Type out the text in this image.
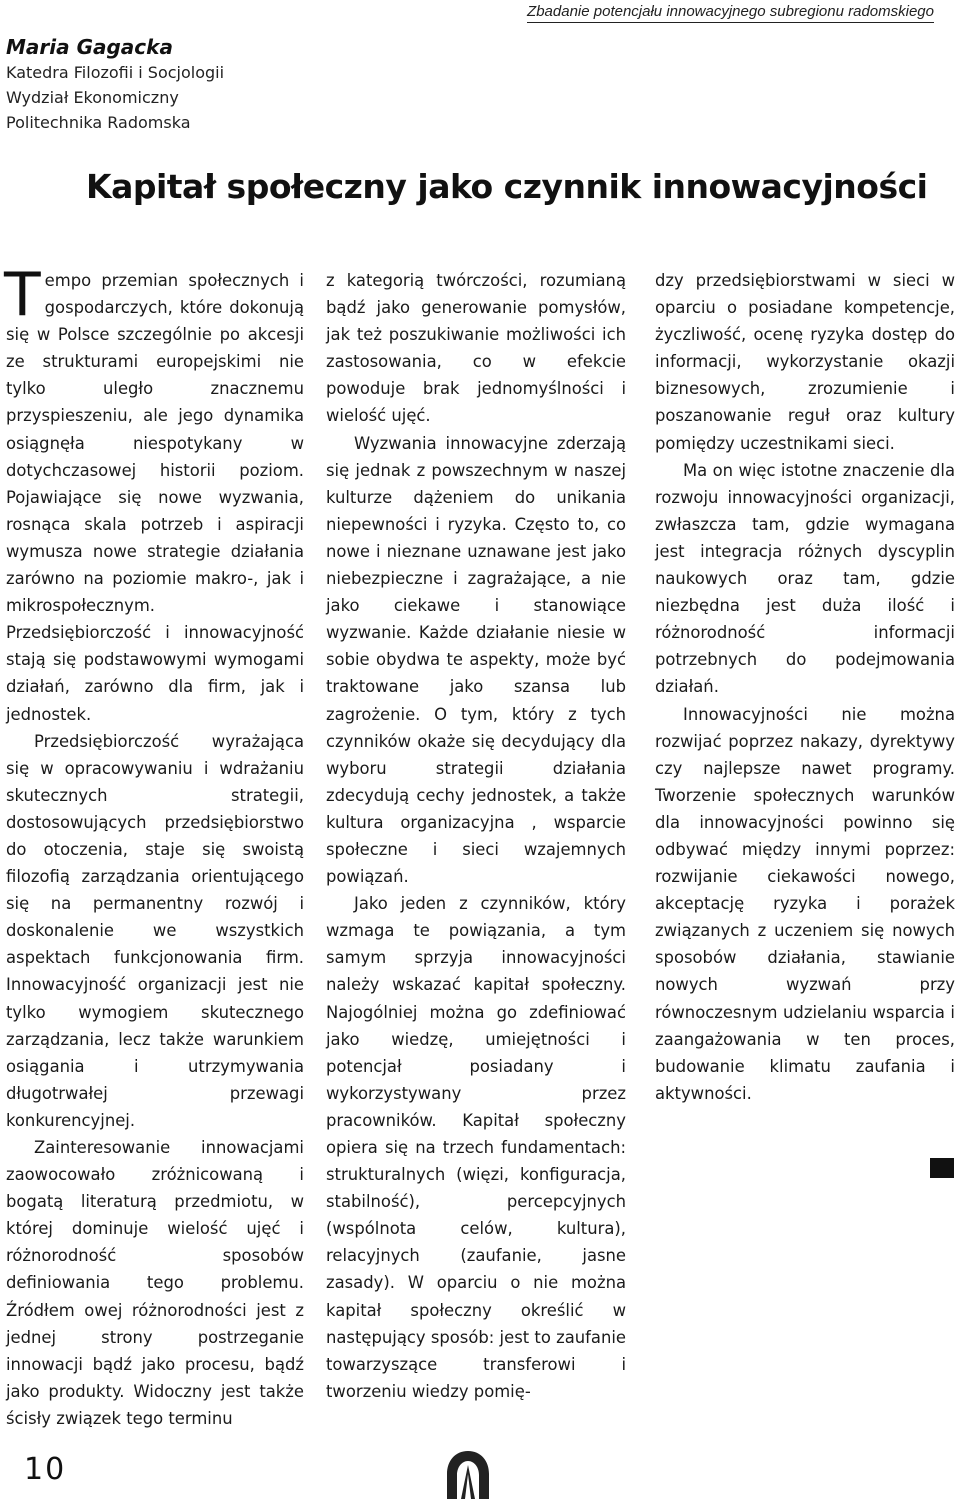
Zbadanie potencjału innowacyjnego subregionu radomskiego
Maria Gagacka
Katedra Filozofii i Socjologii
Wydział Ekonomiczny
Politechnika Radomska
Kapitał społeczny jako czynnik innowacyjności

Tempo przemian społecznych i gospodarczych, które dokonują się w Polsce szczególnie po akcesji ze strukturami europejskimi nie tylko uległo znacznemu przyspieszeniu, ale jego dynamika osiągnęła niespotykany w dotychczasowej historii poziom. Pojawiające się nowe wyzwania, rosnąca skala potrzeb i aspiracji wymusza nowe strategie działania zarówno na poziomie makro-, jak i mikrospołecznym. Przedsiębiorczość i innowacyjność stają się podstawowymi wymogami działań, zarówno dla firm, jak i jednostek.

Przedsiębiorczość wyrażająca się w opracowywaniu i wdrażaniu skutecznych strategii, dostosowujących przedsiębiorstwo do otoczenia, staje się swoistą filozofią zarządzania orientującego się na permanentny rozwój i doskonalenie we wszystkich aspektach funkcjonowania firm. Innowacyjność organizacji jest nie tylko wymogiem skutecznego zarządzania, lecz także warunkiem osiągania i utrzymywania długotrwałej przewagi konkurencyjnej.

Zainteresowanie innowacjami zaowocowało zróżnicowaną i bogatą literaturą przedmiotu, w której dominuje wielość ujęć i różnorodność sposobów definiowania tego problemu. Źródłem owej różnorodności jest z jednej strony postrzeganie innowacji bądź jako procesu, bądź jako produkty. Widoczny jest także ścisły związek tego terminu

z kategorią twórczości, rozumianą bądź jako generowanie pomysłów, jak też poszukiwanie możliwości ich zastosowania, co w efekcie powoduje brak jednomyślności i wielość ujęć.

Wyzwania innowacyjne zderzają się jednak z powszechnym w naszej kulturze dążeniem do unikania niepewności i ryzyka. Często to, co nowe i nieznane uznawane jest jako niebezpieczne i zagrażające, a nie jako ciekawe i stanowiące wyzwanie. Każde działanie niesie w sobie obydwa te aspekty, może być traktowane jako szansa lub zagrożenie. O tym, który z tych czynników okaże się decydujący dla wyboru strategii działania zdecydują cechy jednostek, a także kultura organizacyjna , wsparcie społeczne i sieci wzajemnych powiązań.

Jako jeden z czynników, który wzmaga te powiązania, a tym samym sprzyja innowacyjności należy wskazać kapitał społeczny. Najogólniej można go zdefiniować jako wiedzę, umiejętności i potencjał posiadany i wykorzystywany przez pracowników. Kapitał społeczny opiera się na trzech fundamentach: strukturalnych (więzi, konfiguracja, stabilność), percepcyjnych (wspólnota celów, kultura), relacyjnych (zaufanie, jasne zasady). W oparciu o nie można kapitał społeczny określić w następujący sposób: jest to zaufanie towarzyszące transferowi i tworzeniu wiedzy pomię-

dzy przedsiębiorstwami w sieci w oparciu o posiadane kompetencje, życzliwość, ocenę ryzyka dostęp do informacji, wykorzystanie okazji biznesowych, zrozumienie i poszanowanie reguł oraz kultury pomiędzy uczestnikami sieci.

Ma on więc istotne znaczenie dla rozwoju innowacyjności organizacji, zwłaszcza tam, gdzie wymagana jest integracja różnych dyscyplin naukowych oraz tam, gdzie niezbędna jest duża ilość i różnorodność informacji potrzebnych do podejmowania działań.

Innowacyjności nie można rozwijać poprzez nakazy, dyrektywy czy najlepsze nawet programy. Tworzenie społecznych warunków dla innowacyjności powinno się odbywać między innymi poprzez: rozwijanie ciekawości nowego, akceptację ryzyka i porażek związanych z uczeniem się nowych sposobów działania, stawianie nowych wyzwań przy równoczesnym udzielaniu wsparcia i zaangażowania w ten proces, budowanie klimatu zaufania i aktywności.

10
